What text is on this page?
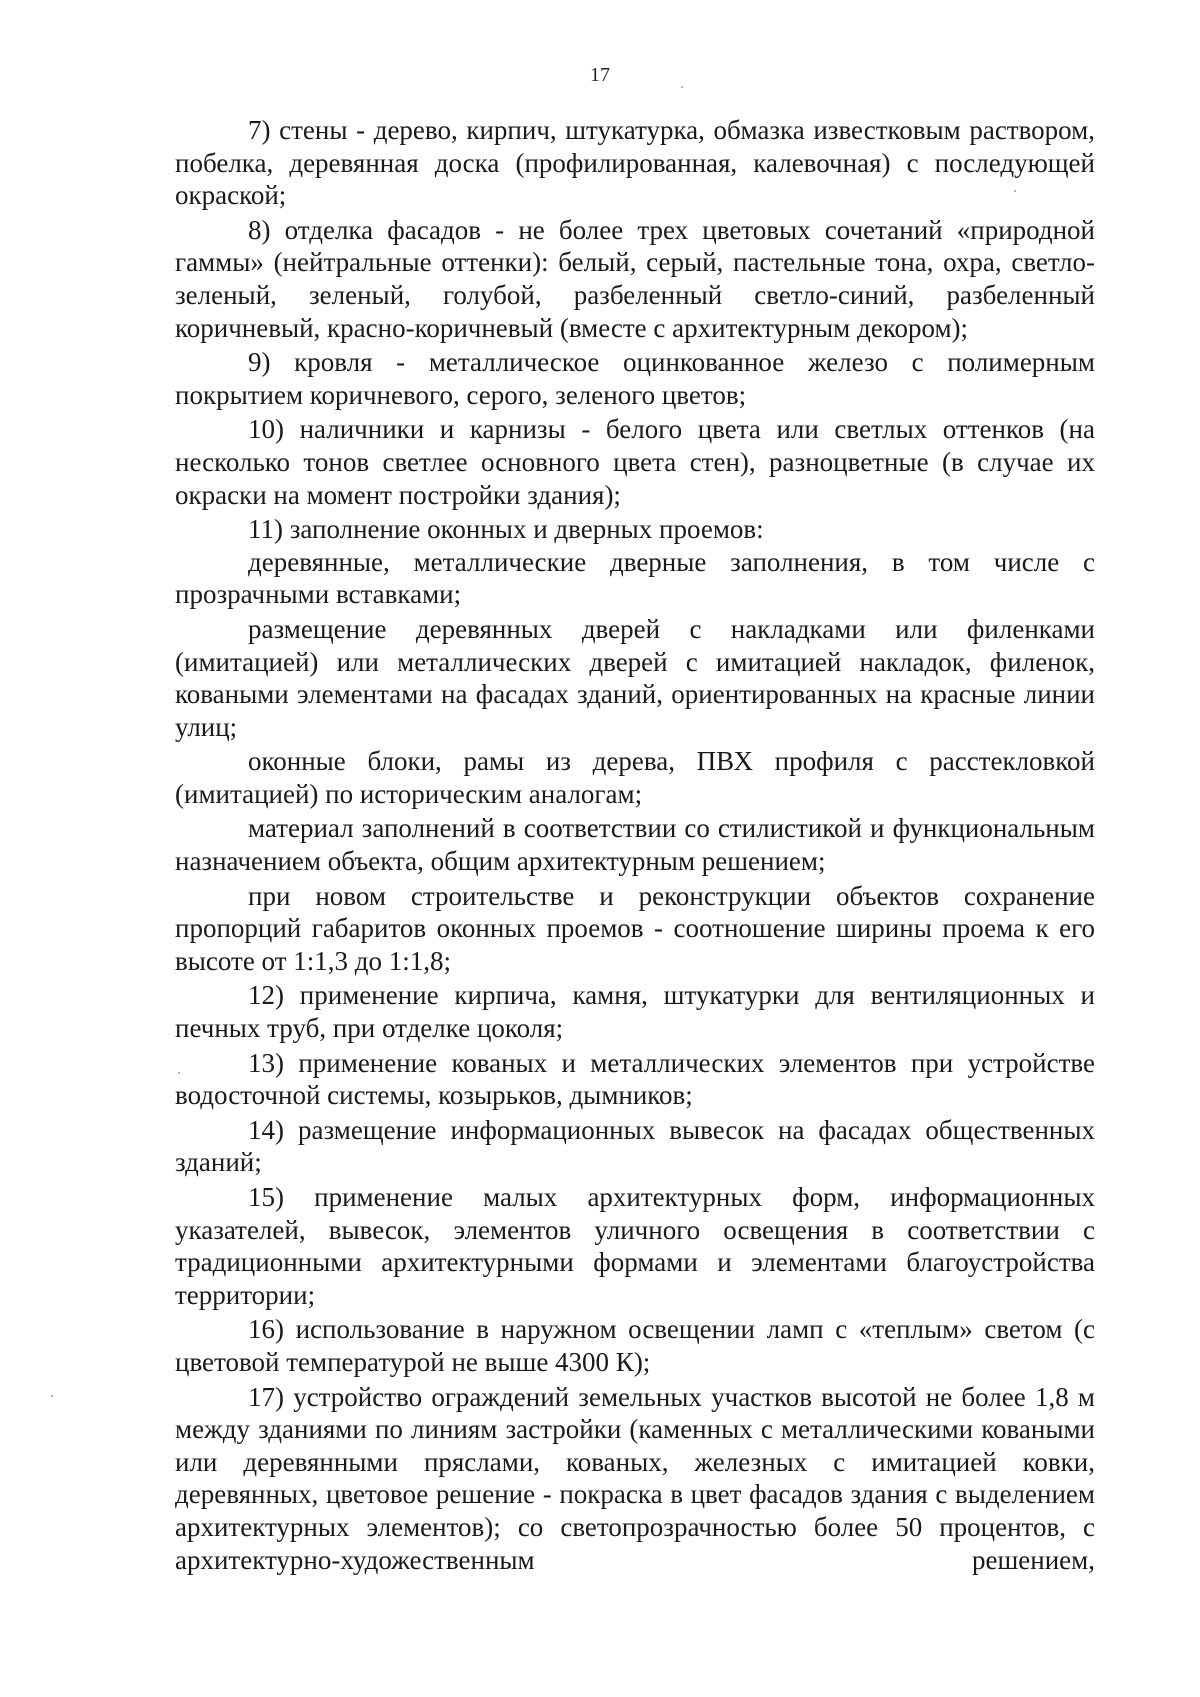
17

7) стены - дерево, кирпич, штукатурка, обмазка известковым раствором, побелка, деревянная доска (профилированная, калевочная) с последующей окраской;

8) отделка фасадов - не более трех цветовых сочетаний «природной гаммы» (нейтральные оттенки): белый, серый, пастельные тона, охра, светло-зеленый, зеленый, голубой, разбеленный светло-синий, разбеленный коричневый, красно-коричневый (вместе с архитектурным декором);

9) кровля - металлическое оцинкованное железо с полимерным покрытием коричневого, серого, зеленого цветов;

10) наличники и карнизы - белого цвета или светлых оттенков (на несколько тонов светлее основного цвета стен), разноцветные (в случае их окраски на момент постройки здания);

11) заполнение оконных и дверных проемов:

деревянные, металлические дверные заполнения, в том числе с прозрачными вставками;

размещение деревянных дверей с накладками или филенками (имитацией) или металлических дверей с имитацией накладок, филенок, коваными элементами на фасадах зданий, ориентированных на красные линии улиц;

оконные блоки, рамы из дерева, ПВХ профиля с расстекловкой (имитацией) по историческим аналогам;

материал заполнений в соответствии со стилистикой и функциональным назначением объекта, общим архитектурным решением;

при новом строительстве и реконструкции объектов сохранение пропорций габаритов оконных проемов - соотношение ширины проема к его высоте от 1:1,3 до 1:1,8;

12) применение кирпича, камня, штукатурки для вентиляционных и печных труб, при отделке цоколя;

13) применение кованых и металлических элементов при устройстве водосточной системы, козырьков, дымников;

14) размещение информационных вывесок на фасадах общественных зданий;

15) применение малых архитектурных форм, информационных указателей, вывесок, элементов уличного освещения в соответствии с традиционными архитектурными формами и элементами благоустройства территории;

16) использование в наружном освещении ламп с «теплым» светом (с цветовой температурой не выше 4300 К);

17) устройство ограждений земельных участков высотой не более 1,8 м между зданиями по линиям застройки (каменных с металлическими коваными или деревянными пряслами, кованых, железных с имитацией ковки, деревянных, цветовое решение - покраска в цвет фасадов здания с выделением архитектурных элементов); со светопрозрачностью более 50 процентов, с архитектурно-художественным решением,
